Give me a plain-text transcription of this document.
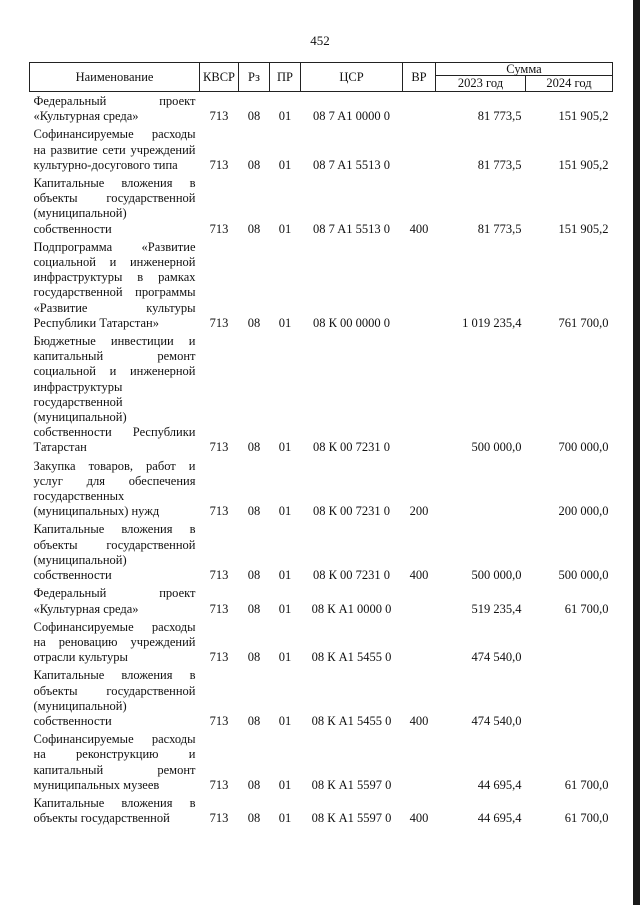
452
Наименование	КВСР	Рз	ПР	ЦСР	ВР	Сумма	
						2023 год	2024 год
Федеральный проект «Культурная среда»	713	08	01	08 7 A1 0000 0		81 773,5	151 905,2
Софинансируемые расходы на развитие сети учреждений культурно-досугового типа	713	08	01	08 7 A1 5513 0		81 773,5	151 905,2
Капитальные вложения в объекты государственной (муниципальной) собственности	713	08	01	08 7 A1 5513 0	400	81 773,5	151 905,2
Подпрограмма «Развитие социальной и инженерной инфраструктуры в рамках государственной программы «Развитие культуры Республики Татарстан»	713	08	01	08 К 00 0000 0		1 019 235,4	761 700,0
Бюджетные инвестиции и капитальный ремонт социальной и инженерной инфраструктуры государственной (муниципальной) собственности Республики Татарстан	713	08	01	08 К 00 7231 0		500 000,0	700 000,0
Закупка товаров, работ и услуг для обеспечения государственных (муниципальных) нужд	713	08	01	08 К 00 7231 0	200		200 000,0
Капитальные вложения в объекты государственной (муниципальной) собственности	713	08	01	08 К 00 7231 0	400	500 000,0	500 000,0
Федеральный проект «Культурная среда»	713	08	01	08 К A1 0000 0		519 235,4	61 700,0
Софинансируемые расходы на реновацию учреждений отрасли культуры	713	08	01	08 К A1 5455 0		474 540,0	
Капитальные вложения в объекты государственной (муниципальной) собственности	713	08	01	08 К A1 5455 0	400	474 540,0	
Софинансируемые расходы на реконструкцию и капитальный ремонт муниципальных музеев	713	08	01	08 К A1 5597 0		44 695,4	61 700,0
Капитальные вложения в объекты государственной	713	08	01	08 К A1 5597 0	400	44 695,4	61 700,0
